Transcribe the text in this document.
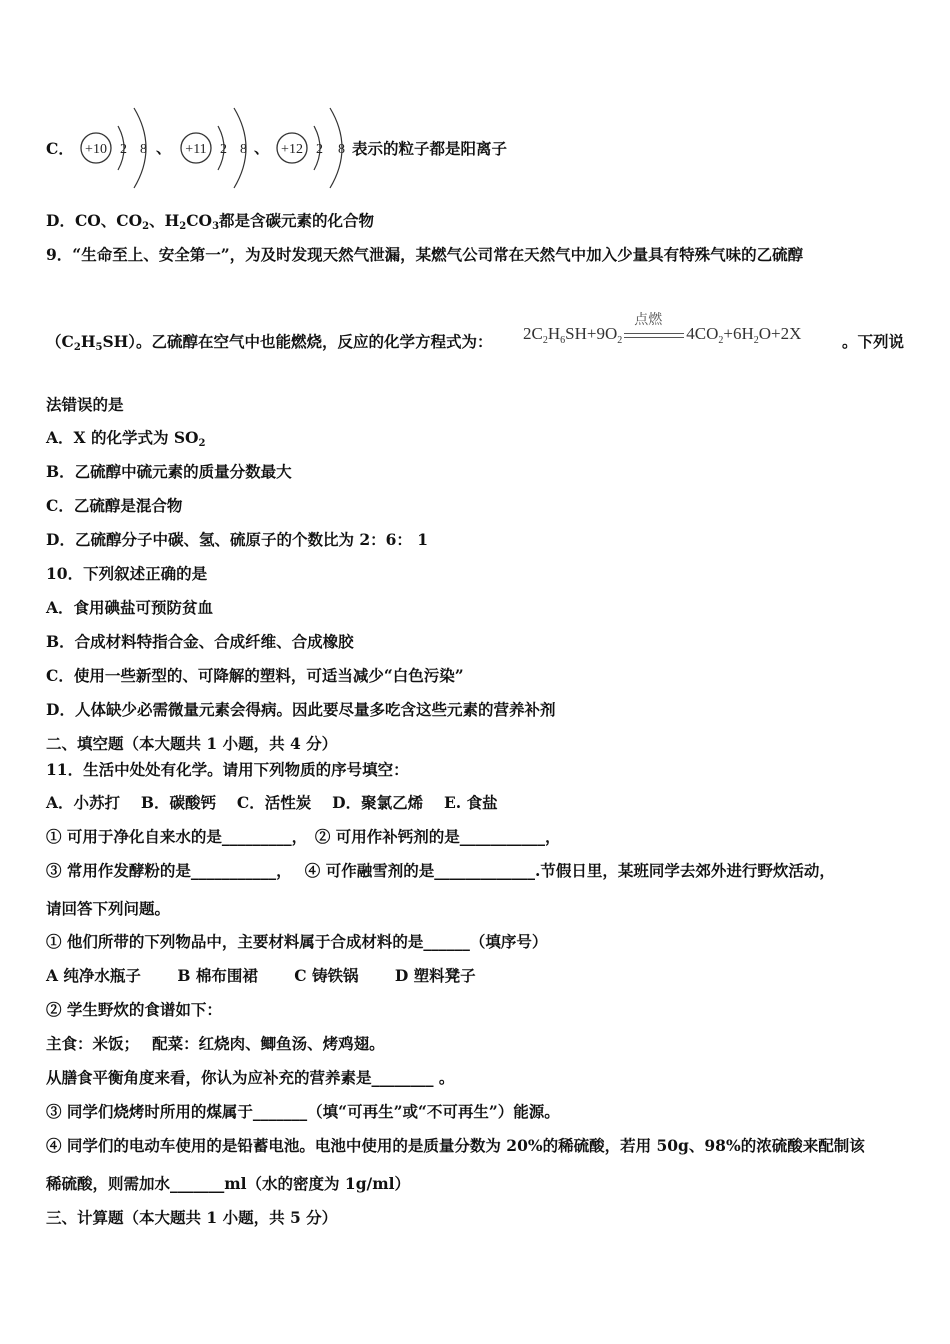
C． +10 2 8 、 +11 2 8 、 +12 2 8 表示的粒子都是阳离子
D．CO、$CO_2$、$H_2CO_3$都是含碳元素的化合物
9．“生命至上、安全第一”，为及时发现天然气泄漏，某燃气公司常在天然气中加入少量具有特殊气味的乙硫醇
$(C_2H_5SH)$。乙硫醇在空气中也能燃烧，反应的化学方程式为： $2C_2H_6SH+9O_2$
点燃
$4CO_2+6H_2O+2X$	。下列说
法错误的是
A．X 的化学式为 $SO_2$
B．乙硫醇中硫元素的质量分数最大
C．乙硫醇是混合物
D．乙硫醇分子中碳、氢、硫原子的个数比为 2：6： 1
10．下列叙述正确的是
A．食用碘盐可预防贫血
B．合成材料特指合金、合成纤维、合成橡胶
C．使用一些新型的、可降解的塑料，可适当减少“白色污染”
D．人体缺少必需微量元素会得病。因此要尽量多吃含这些元素的营养补剂
二、填空题（本大题共 1 小题，共 4 分）
11．生活中处处有化学。请用下列物质的序号填空：
A．小苏打　 B．碳酸钙　 C．活性炭　 D．聚氯乙烯　 E. 食盐
① 可用于净化自来水的是_________，　② 可用作补钙剂的是___________，
③ 常用作发酵粉的是___________，　 ④ 可作融雪剂的是_____________.节假日里，某班同学去郊外进行野炊活动，
请回答下列问题。
① 他们所带的下列物品中，主要材料属于合成材料的是______（填序号）
A 纯净水瓶子　　 B 棉布围裙　　 C 铸铁锅　　 D 塑料凳子
② 学生野炊的食谱如下：
主食：米饭；　 配菜：红烧肉、鲫鱼汤、烤鸡翅。
从膳食平衡角度来看，你认为应补充的营养素是________ 。
③ 同学们烧烤时所用的煤属于_______（填“可再生”或“不可再生”）能源。
④ 同学们的电动车使用的是铅蓄电池。电池中使用的是质量分数为 20%的稀硫酸，若用 50g、98%的浓硫酸来配制该
稀硫酸，则需加水_______ml（水的密度为 1g/ml）
三、计算题（本大题共 1 小题，共 5 分）
